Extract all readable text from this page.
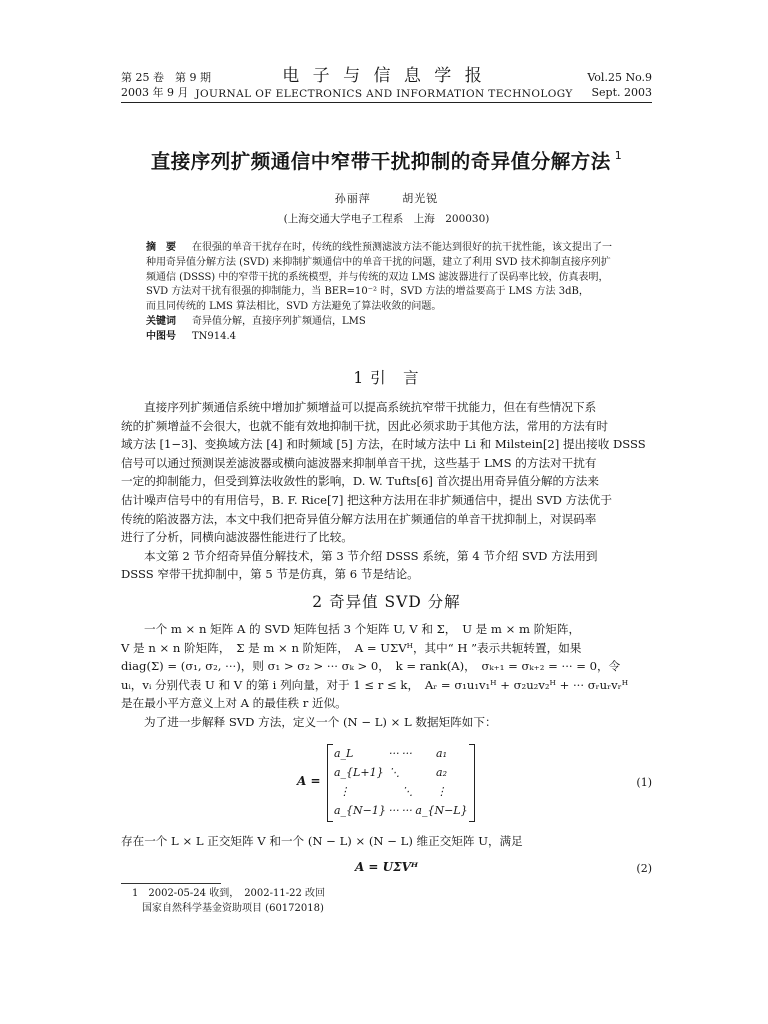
第 25 卷　第 9 期
2003 年 9 月
电 子 与 信 息 学 报
JOURNAL OF ELECTRONICS AND INFORMATION TECHNOLOGY
Vol.25 No.9
Sept. 2003
直接序列扩频通信中窄带干扰抑制的奇异值分解方法 $^1$
孙丽萍	胡光锐
(上海交通大学电子工程系　上海　200030)

摘　要 在很强的单音干扰存在时，传统的线性预测滤波方法不能达到很好的抗干扰性能，该文提出了一

种用奇异值分解方法 (SVD) 来抑制扩频通信中的单音干扰的问题，建立了利用 SVD 技术抑制直接序列扩

频通信 (DSSS) 中的窄带干扰的系统模型，并与传统的双边 LMS 滤波器进行了误码率比较，仿真表明，

SVD 方法对干扰有很强的抑制能力，当 BER=10⁻² 时，SVD 方法的增益要高于 LMS 方法 3dB，

而且同传统的 LMS 算法相比，SVD 方法避免了算法收敛的问题。

关键词 奇异值分解，直接序列扩频通信，LMS

中图号 TN914.4

1 引　言

直接序列扩频通信系统中增加扩频增益可以提高系统抗窄带干扰能力，但在有些情况下系

统的扩频增益不会很大，也就不能有效地抑制干扰，因此必须求助于其他方法，常用的方法有时

域方法 [1−3]、变换域方法 [4] 和时频域 [5] 方法，在时域方法中 Li 和 Milstein[2] 提出接收 DSSS

信号可以通过预测误差滤波器或横向滤波器来抑制单音干扰，这些基于 LMS 的方法对干扰有

一定的抑制能力，但受到算法收敛性的影响，D. W. Tufts[6] 首次提出用奇异值分解的方法来

估计噪声信号中的有用信号，B. F. Rice[7] 把这种方法用在非扩频通信中，提出 SVD 方法优于

传统的陷波器方法，本文中我们把奇异值分解方法用在扩频通信的单音干扰抑制上，对误码率

进行了分析，同横向滤波器性能进行了比较。

本文第 2 节介绍奇异值分解技术，第 3 节介绍 DSSS 系统，第 4 节介绍 SVD 方法用到

DSSS 窄带干扰抑制中，第 5 节是仿真，第 6 节是结论。

2 奇异值 SVD 分解

一个 m × n 矩阵 A 的 SVD 矩阵包括 3 个矩阵 U, V 和 Σ，　U 是 m × m 阶矩阵，

V 是 n × n 阶矩阵，　Σ 是 m × n 阶矩阵，　A = UΣVᴴ，其中“ H ”表示共轭转置，如果

diag(Σ) = (σ₁, σ₂, ···)，则 σ₁ > σ₂ > ··· σₖ > 0，　k = rank(A)，　σₖ₊₁ = σₖ₊₂ = ··· = 0，令

uᵢ，vᵢ 分别代表 U 和 V 的第 i 列向量，对于 1 ≤ r ≤ k，　Aᵣ = σ₁u₁v₁ᴴ + σ₂u₂v₂ᴴ + ··· σᵣuᵣvᵣᴴ

是在最小平方意义上对 A 的最佳秩 r 近似。

为了进一步解释 SVD 方法，定义一个 (N − L) × L 数据矩阵如下：

A =
a_L	···	···	a₁
a_{L+1}	⋱		a₂
⋮		⋱	⋮
a_{N−1}	···	···	a_{N−L}
(1)
存在一个 L × L 正交矩阵 V 和一个 (N − L) × (N − L) 维正交矩阵 U，满足
A = UΣVᴴ	(2)
1　2002-05-24 收到，　2002-11-22 改回
国家自然科学基金资助项目 (60172018)
